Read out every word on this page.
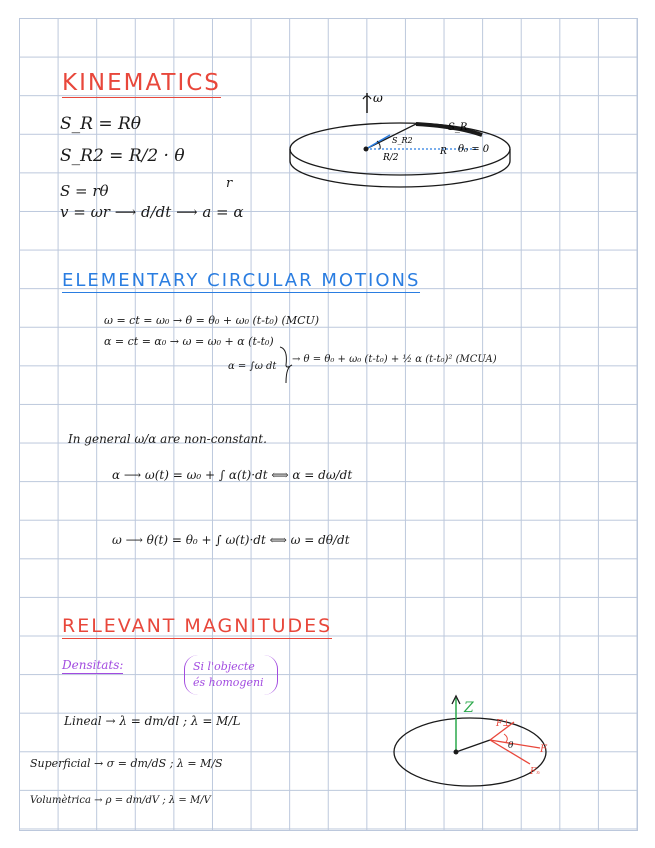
KINEMATICS
S_R = Rθ
S_R2 = R/2 · θ
S = rθ
v = ωr ⟶ d/dt ⟶ a = α
r
ω
S_R2
R/2
R
S_R
θ₀ = 0
ELEMENTARY CIRCULAR MOTIONS
ω = ct = ω₀ → θ = θ₀ + ω₀ (t-t₀) (MCU)
α = ct = α₀ → ω = ω₀ + α (t-t₀)
α = ∫ω dt
→ θ = θ₀ + ω₀ (t-t₀) + ½ α (t-t₀)² (MCUA)
In general ω/α are non-constant.
α ⟶ ω(t) = ω₀ + ∫ α(t)·dt ⟺ α = dω/dt
ω ⟶ θ(t) = θ₀ + ∫ ω(t)·dt ⟺ ω = dθ/dt
RELEVANT MAGNITUDES
Densitats:	Si l'objecte
és homogeni
Lineal → λ = dm/dl ; λ = M/L
Superficial → σ = dm/dS ; λ = M/S
Volumètrica → ρ = dm/dV ; λ = M/V
Z
F⊥
F
Fₙ
θ
